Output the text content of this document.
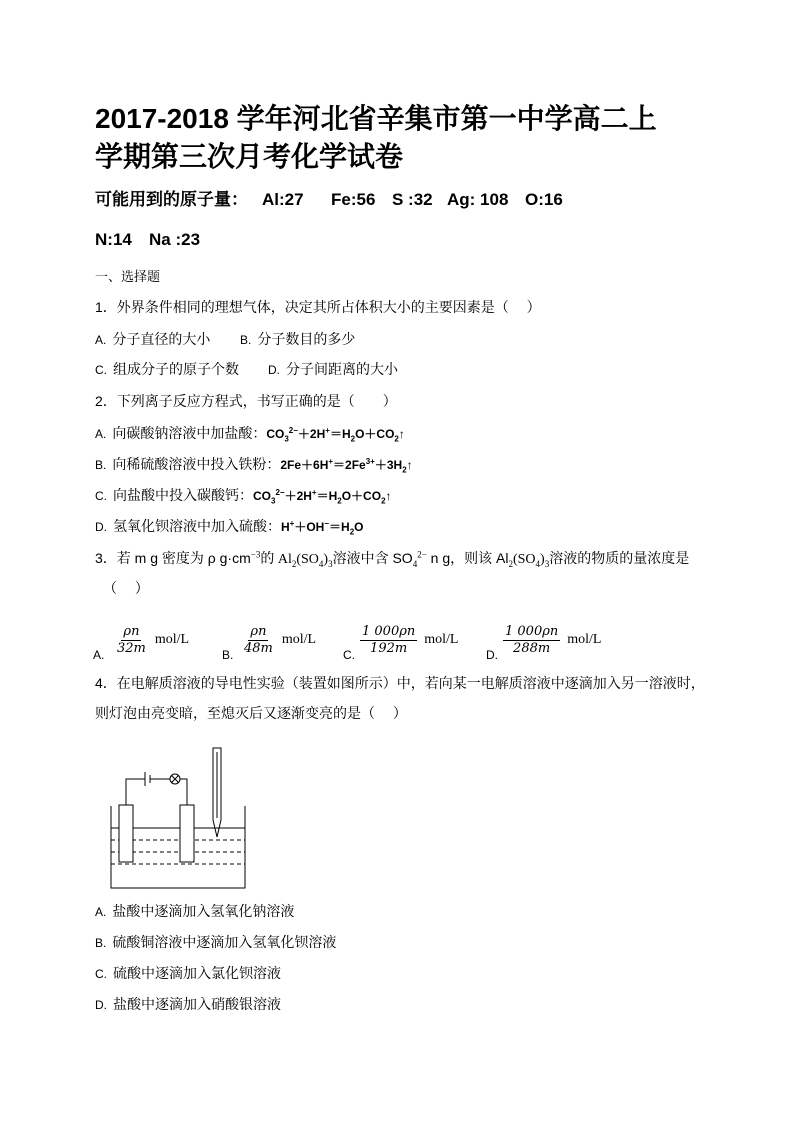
2017-2018 学年河北省辛集市第一中学高二上
学期第三次月考化学试卷
可能用到的原子量： Al:27 Fe:56 S :32 Ag: 108 O:16
N:14 Na :23
一、选择题
1．外界条件相同的理想气体，决定其所占体积大小的主要因素是（　 ）
A. 分子直径的大小 B. 分子数目的多少
C. 组成分子的原子个数 D. 分子间距离的大小
2．下列离子反应方程式，书写正确的是（　　）
A. 向碳酸钠溶液中加盐酸：$CO_3^{2-}+2H^+=H_2O+CO_2↑$
B. 向稀硫酸溶液中投入铁粉：$2Fe+6H^+=2Fe^{3+}+3H_2↑$
C. 向盐酸中投入碳酸钙：$CO_3^{2-}+2H^+=H_2O+CO_2↑$
D. 氢氧化钡溶液中加入硫酸：$H^++OH^-=H_2O$
3．若 m g 密度为 ρ $g\cdot cm^{-3}$的 $Al_2(SO_4)_3$溶液中含 $SO_4^{2-}$ n g，则该 $Al_2(SO_4)_3$溶液的物质的量浓度是
（　 ）
A. $\frac{\rho n}{32m} mol/L$
B. $\frac{\rho n}{48m} mol/L$
C. $\frac{1 000\rho n}{192m} mol/L$
D. $\frac{1 000\rho n}{288m} mol/L$
4．在电解质溶液的导电性实验（装置如图所示）中，若向某一电解质溶液中逐滴加入另一溶液时，
则灯泡由亮变暗，至熄灭后又逐渐变亮的是（　 ）
A. 盐酸中逐滴加入氢氧化钠溶液
B. 硫酸铜溶液中逐滴加入氢氧化钡溶液
C. 硫酸中逐滴加入氯化钡溶液
D. 盐酸中逐滴加入硝酸银溶液
